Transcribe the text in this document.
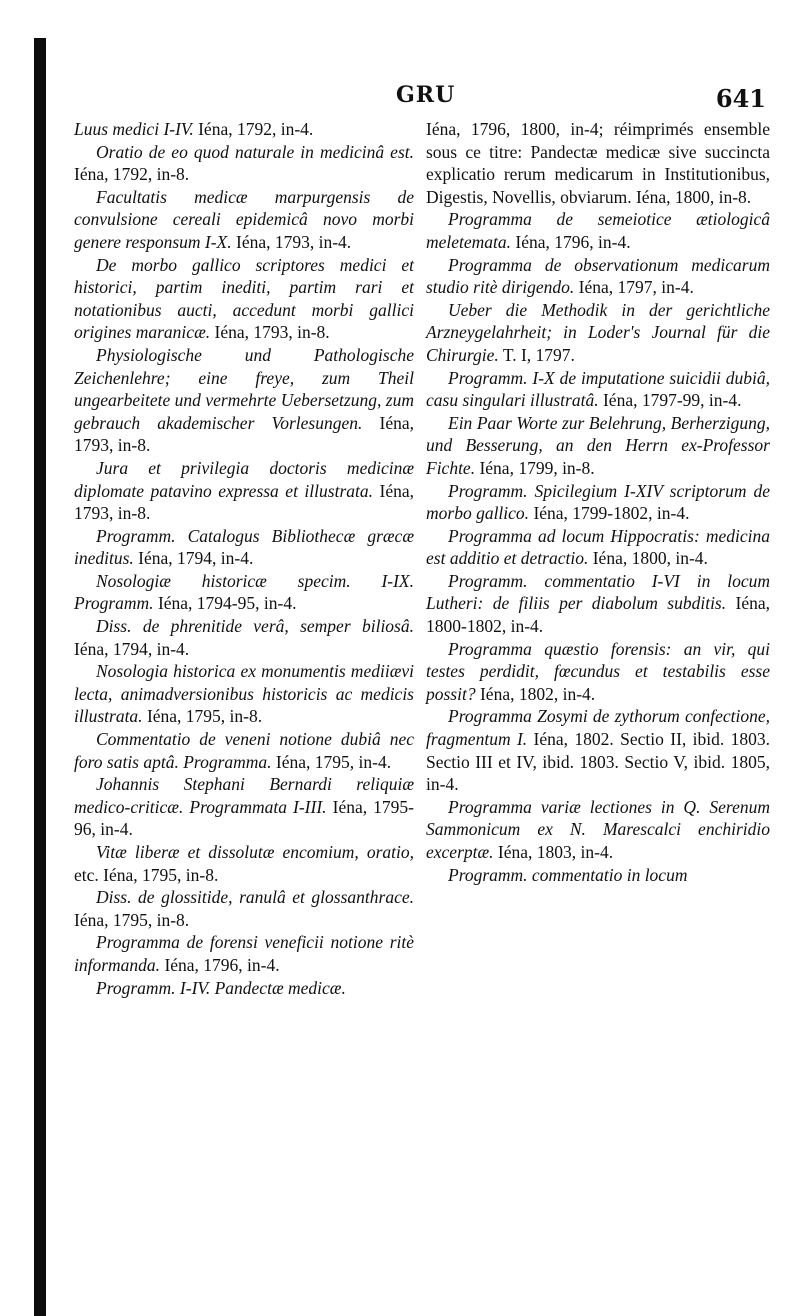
GRU	641

Luus medici I-IV. Iéna, 1792, in-4.

Oratio de eo quod naturale in medicinâ est. Iéna, 1792, in-8.

Facultatis medicæ marpurgensis de convulsione cereali epidemicâ novo morbi genere responsum I-X. Iéna, 1793, in-4.

De morbo gallico scriptores medici et historici, partim inediti, partim rari et notationibus aucti, accedunt morbi gallici origines maranicæ. Iéna, 1793, in-8.

Physiologische und Pathologische Zeichenlehre; eine freye, zum Theil ungearbeitete und vermehrte Uebersetzung, zum gebrauch akademischer Vorlesungen. Iéna, 1793, in-8.

Jura et privilegia doctoris medicinæ diplomate patavino expressa et illustrata. Iéna, 1793, in-8.

Programm. Catalogus Bibliothecæ græcæ ineditus. Iéna, 1794, in-4.

Nosologiæ historicæ specim. I-IX. Programm. Iéna, 1794-95, in-4.

Diss. de phrenitide verâ, semper biliosâ. Iéna, 1794, in-4.

Nosologia historica ex monumentis mediiævi lecta, animadversionibus historicis ac medicis illustrata. Iéna, 1795, in-8.

Commentatio de veneni notione dubiâ nec foro satis aptâ. Programma. Iéna, 1795, in-4.

Johannis Stephani Bernardi reliquiæ medico-criticæ. Programmata I-III. Iéna, 1795-96, in-4.

Vitæ liberæ et dissolutæ encomium, oratio, etc. Iéna, 1795, in-8.

Diss. de glossitide, ranulâ et glossanthrace. Iéna, 1795, in-8.

Programma de forensi veneficii notione ritè informanda. Iéna, 1796, in-4.

Programm. I-IV. Pandectæ medicæ.

Iéna, 1796, 1800, in-4; réimprimés ensemble sous ce titre: Pandectæ medicæ sive succincta explicatio rerum medicarum in Institutionibus, Digestis, Novellis, obviarum. Iéna, 1800, in-8.

Programma de semeiotice ætiologicâ meletemata. Iéna, 1796, in-4.

Programma de observationum medicarum studio ritè dirigendo. Iéna, 1797, in-4.

Ueber die Methodik in der gerichtliche Arzneygelahrheit; in Loder's Journal für die Chirurgie. T. I, 1797.

Programm. I-X de imputatione suicidii dubiâ, casu singulari illustratâ. Iéna, 1797-99, in-4.

Ein Paar Worte zur Belehrung, Berherzigung, und Besserung, an den Herrn ex-Professor Fichte. Iéna, 1799, in-8.

Programm. Spicilegium I-XIV scriptorum de morbo gallico. Iéna, 1799-1802, in-4.

Programma ad locum Hippocratis: medicina est additio et detractio. Iéna, 1800, in-4.

Programm. commentatio I-VI in locum Lutheri: de filiis per diabolum subditis. Iéna, 1800-1802, in-4.

Programma quæstio forensis: an vir, qui testes perdidit, fœcundus et testabilis esse possit? Iéna, 1802, in-4.

Programma Zosymi de zythorum confectione, fragmentum I. Iéna, 1802. Sectio II, ibid. 1803. Sectio III et IV, ibid. 1803. Sectio V, ibid. 1805, in-4.

Programma variæ lectiones in Q. Serenum Sammonicum ex N. Marescalci enchiridio excerptæ. Iéna, 1803, in-4.

Programm. commentatio in locum
